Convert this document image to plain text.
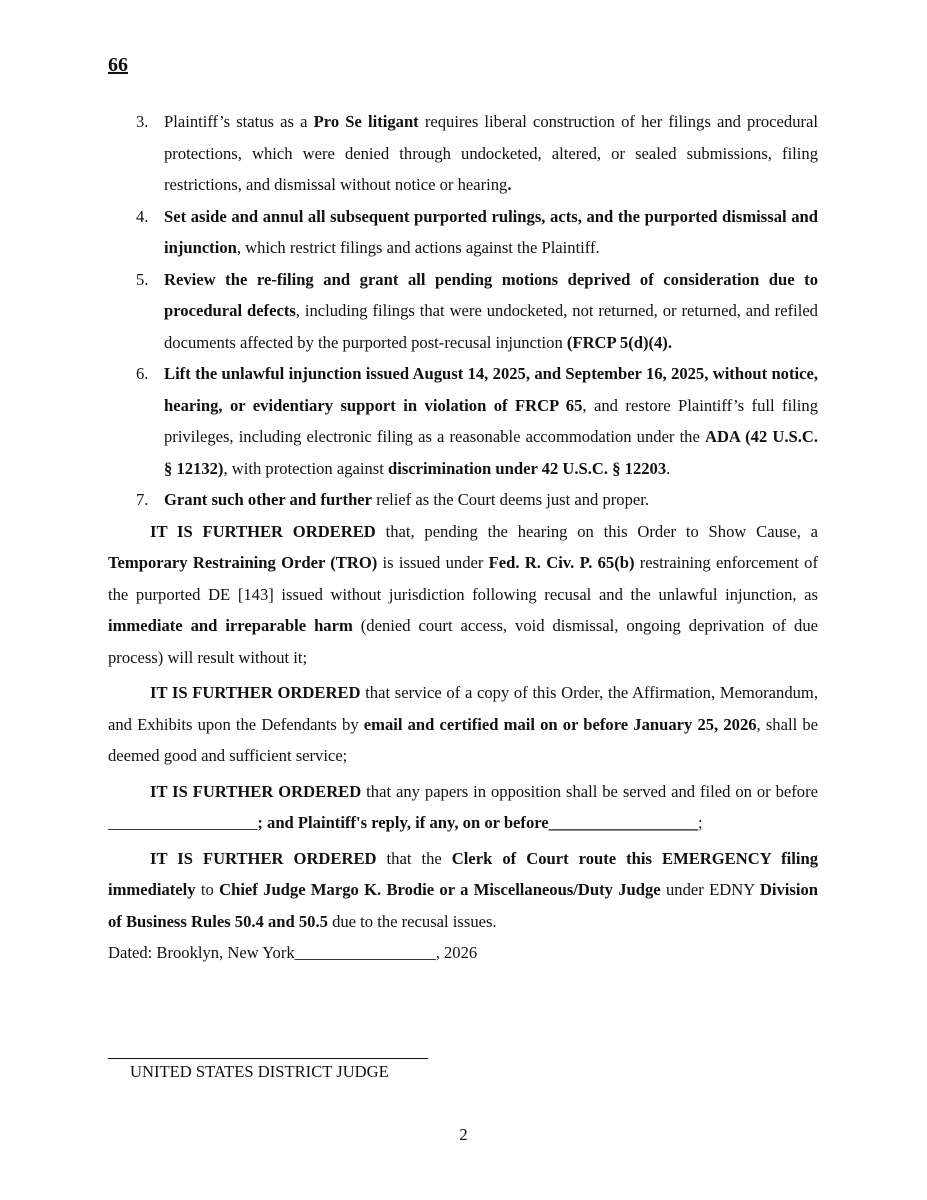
66
3. Plaintiff’s status as a Pro Se litigant requires liberal construction of her filings and procedural protections, which were denied through undocketed, altered, or sealed submissions, filing restrictions, and dismissal without notice or hearing.
4. Set aside and annul all subsequent purported rulings, acts, and the purported dismissal and injunction, which restrict filings and actions against the Plaintiff.
5. Review the re-filing and grant all pending motions deprived of consideration due to procedural defects, including filings that were undocketed, not returned, or returned, and refiled documents affected by the purported post-recusal injunction (FRCP 5(d)(4).
6. Lift the unlawful injunction issued August 14, 2025, and September 16, 2025, without notice, hearing, or evidentiary support in violation of FRCP 65, and restore Plaintiff’s full filing privileges, including electronic filing as a reasonable accommodation under the ADA (42 U.S.C. § 12132), with protection against discrimination under 42 U.S.C. § 12203.
7. Grant such other and further relief as the Court deems just and proper.

IT IS FURTHER ORDERED that, pending the hearing on this Order to Show Cause, a Temporary Restraining Order (TRO) is issued under Fed. R. Civ. P. 65(b) restraining enforcement of the purported DE [143] issued without jurisdiction following recusal and the unlawful injunction, as immediate and irreparable harm (denied court access, void dismissal, ongoing deprivation of due process) will result without it;

IT IS FURTHER ORDERED that service of a copy of this Order, the Affirmation, Memorandum, and Exhibits upon the Defendants by email and certified mail on or before January 25, 2026, shall be deemed good and sufficient service;

IT IS FURTHER ORDERED that any papers in opposition shall be served and filed on or before __________________; and Plaintiff's reply, if any, on or before__________________;

IT IS FURTHER ORDERED that the Clerk of Court route this EMERGENCY filing immediately to Chief Judge Margo K. Brodie or a Miscellaneous/Duty Judge under EDNY Division of Business Rules 50.4 and 50.5 due to the recusal issues.

Dated: Brooklyn, New York_________________, 2026

UNITED STATES DISTRICT JUDGE
2
